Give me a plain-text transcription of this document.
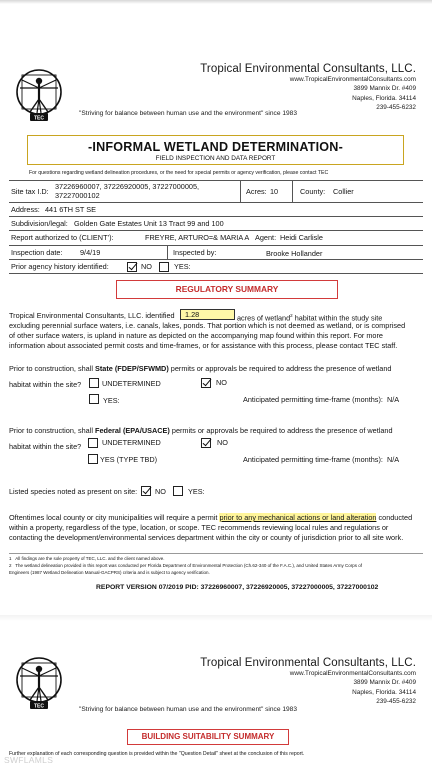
TEC
Tropical Environmental Consultants, LLC.
www.TropicalEnvironmentalConsultants.com
3899 Mannix Dr. #409
Naples, Florida. 34114
239-455-6232
"Striving for balance between human use and the environment" since 1983
-INFORMAL WETLAND DETERMINATION-
FIELD INSPECTION AND DATA REPORT
For questions regarding wetland delineation procedures, or the need for special permits or agency verification, please contact TEC
Site tax I.D:
37226960007, 37226920005, 37227000005,
37227000102	Acres: 10	County: Collier
Address: 441 6TH ST SE
Subdivision/legal: Golden Gate Estates Unit 13 Tract 99 and 100
Report authorized to (CLIENT’):	FREYRE, ARTURO=& MARIA A Agent: Heidi Carlisle
Inspection date: 9/4/19	Inspected by:	Brooke Hollander
Prior agency history identified:	NO	YES:
REGULATORY SUMMARY
Tropical Environmental Consultants, LLC. identified	1.28	acres of wetland$^2$ habitat within the study site
excluding perennial surface waters, i.e. canals, lakes, ponds. That portion which is not deemed as wetland, or is comprised
of other surface waters, is upland in nature as depicted on the accompanying map found within this report. For more
information about associated permit costs and time-frames, or for assistance with this process, please contact TEC staff.
Prior to construction, shall State (FDEP/SFWMD) permits or approvals be required to address the presence of wetland
habitat within the site?	UNDETERMINED	NO
YES:	Anticipated permitting time-frame (months): N/A
Prior to construction, shall Federal (EPA/USACE) permits or approvals be required to address the presence of wetland
habitat within the site?	UNDETERMINED	NO
YES (TYPE TBD)	Anticipated permitting time-frame (months): N/A
Listed species noted as present on site: NO	YES:
Oftentimes local county or city municipalities will require a permit prior to any mechanical actions or land alteration conducted
within a property, regardless of the type, location, or scope. TEC recommends reviewing local rules and regulations or
contacting the development/environmental services department within the city or county of jurisdiction prior to all site work.
1 All findings are the sole property of TEC, LLC. and the client named above.
2 The wetland delineation provided in this report was conducted per Florida Department of Environmental Protection (Ch.62-340 of the F.A.C.), and United States Army Corps of
Engineers (1987 Wetland Delineation Manual-GACPRS) criteria and is subject to agency verification.
REPORT VERSION 07/2019 PID: 37226960007, 37226920005, 37227000005, 37227000102
TEC
Tropical Environmental Consultants, LLC.
www.TropicalEnvironmentalConsultants.com
3899 Mannix Dr. #409
Naples, Florida. 34114
239-455-6232
"Striving for balance between human use and the environment" since 1983
BUILDING SUITABILITY SUMMARY
Further explanation of each corresponding question is provided within the "Question Detail" sheet at the conclusion of this report.
SWFLAMLS
